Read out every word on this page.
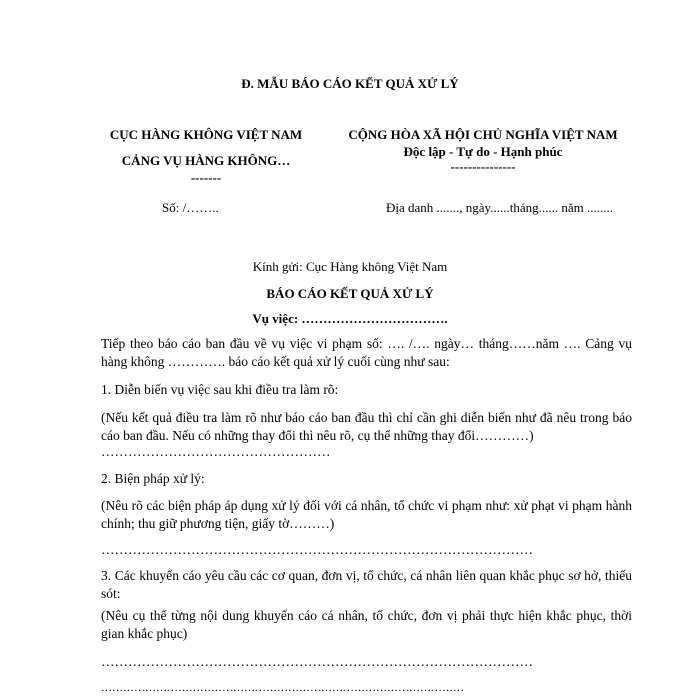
Đ. MẪU BÁO CÁO KẾT QUẢ XỬ LÝ
CỤC HÀNG KHÔNG VIỆT NAM
CẢNG VỤ HÀNG KHÔNG…
-------
CỘNG HÒA XÃ HỘI CHỦ NGHĨA VIỆT NAM
Độc lập - Tự do - Hạnh phúc
---------------
Số: /……..	Địa danh ......., ngày......tháng...... năm ........
Kính gửi: Cục Hàng không Việt Nam
BÁO CÁO KẾT QUẢ XỬ LÝ
Vụ việc: …………………………….
Tiếp theo báo cáo ban đầu về vụ việc vi phạm số: …. /…. ngày… tháng……năm …. Cảng vụ hàng không …………. báo cáo kết quả xử lý cuối cùng như sau:
1. Diễn biến vụ việc sau khi điều tra làm rõ:
(Nếu kết quả điều tra làm rõ như báo cáo ban đầu thì chỉ cần ghi diễn biến như đã nêu trong báo cáo ban đầu. Nếu có những thay đổi thì nêu rõ, cụ thể những thay đổi…………)
……………………………………………
2. Biện pháp xử lý:
(Nêu rõ các biện pháp áp dụng xử lý đối với cá nhân, tổ chức vi phạm như: xử phạt vi phạm hành chính; thu giữ phương tiện, giấy tờ………)
……………………………………………………………………………………
3. Các khuyến cáo yêu cầu các cơ quan, đơn vị, tổ chức, cá nhân liên quan khắc phục sơ hở, thiếu sót:
(Nêu cụ thể từng nội dung khuyến cáo cá nhân, tổ chức, đơn vị phải thực hiện khắc phục, thời gian khắc phục)
……………………………………………………………………………………
………………………………………………………………………………………
